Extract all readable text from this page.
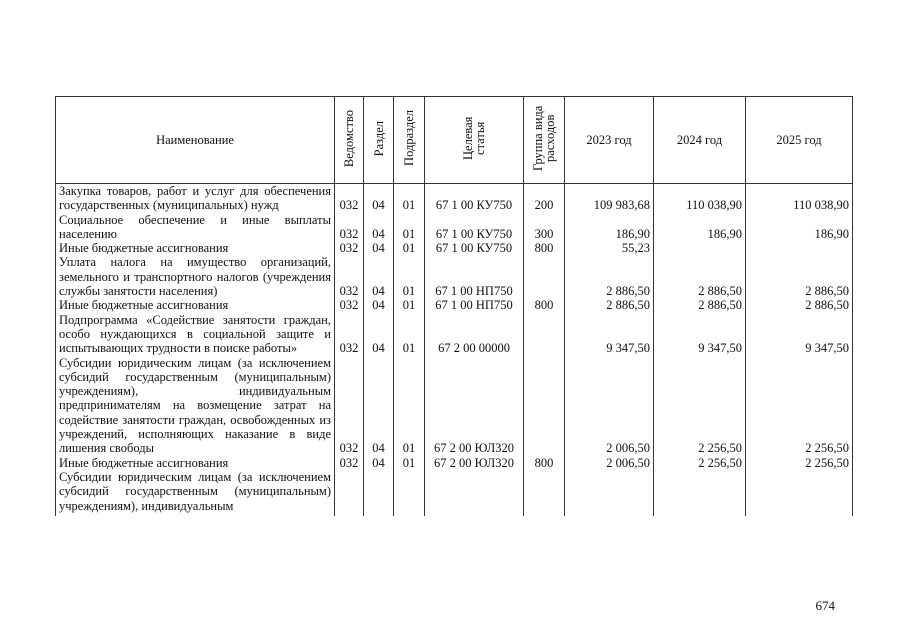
Наименование	Ведомство	Раздел	Подраздел	Целевая статья	Группа вида расходов	2023 год	2024 год	2025 год
Закупка товаров, работ и услуг для обеспечения государственных (муниципальных) нужд	032	04	01	67 1 00 КУ750	200	109 983,68	110 038,90	110 038,90
Социальное обеспечение и иные выплаты населению	032	04	01	67 1 00 КУ750	300	186,90	186,90	186,90
Иные бюджетные ассигнования	032	04	01	67 1 00 КУ750	800	55,23		
Уплата налога на имущество организаций, земельного и транспортного налогов (учреждения службы занятости населения)	032	04	01	67 1 00 НП750		2 886,50	2 886,50	2 886,50
Иные бюджетные ассигнования	032	04	01	67 1 00 НП750	800	2 886,50	2 886,50	2 886,50
Подпрограмма «Содействие занятости граждан, особо нуждающихся в социальной защите и испытывающих трудности в поиске работы»	032	04	01	67 2 00 00000		9 347,50	9 347,50	9 347,50
Субсидии юридическим лицам (за исключением субсидий государственным (муниципальным) учреждениям), индивидуальным предпринимателям на возмещение затрат на содействие занятости граждан, освобожденных из учреждений, исполняющих наказание в виде лишения свободы	032	04	01	67 2 00 ЮЛ320		2 006,50	2 256,50	2 256,50
Иные бюджетные ассигнования	032	04	01	67 2 00 ЮЛ320	800	2 006,50	2 256,50	2 256,50
Субсидии юридическим лицам (за исключением субсидий государственным (муниципальным) учреждениям), индивидуальным								
674
